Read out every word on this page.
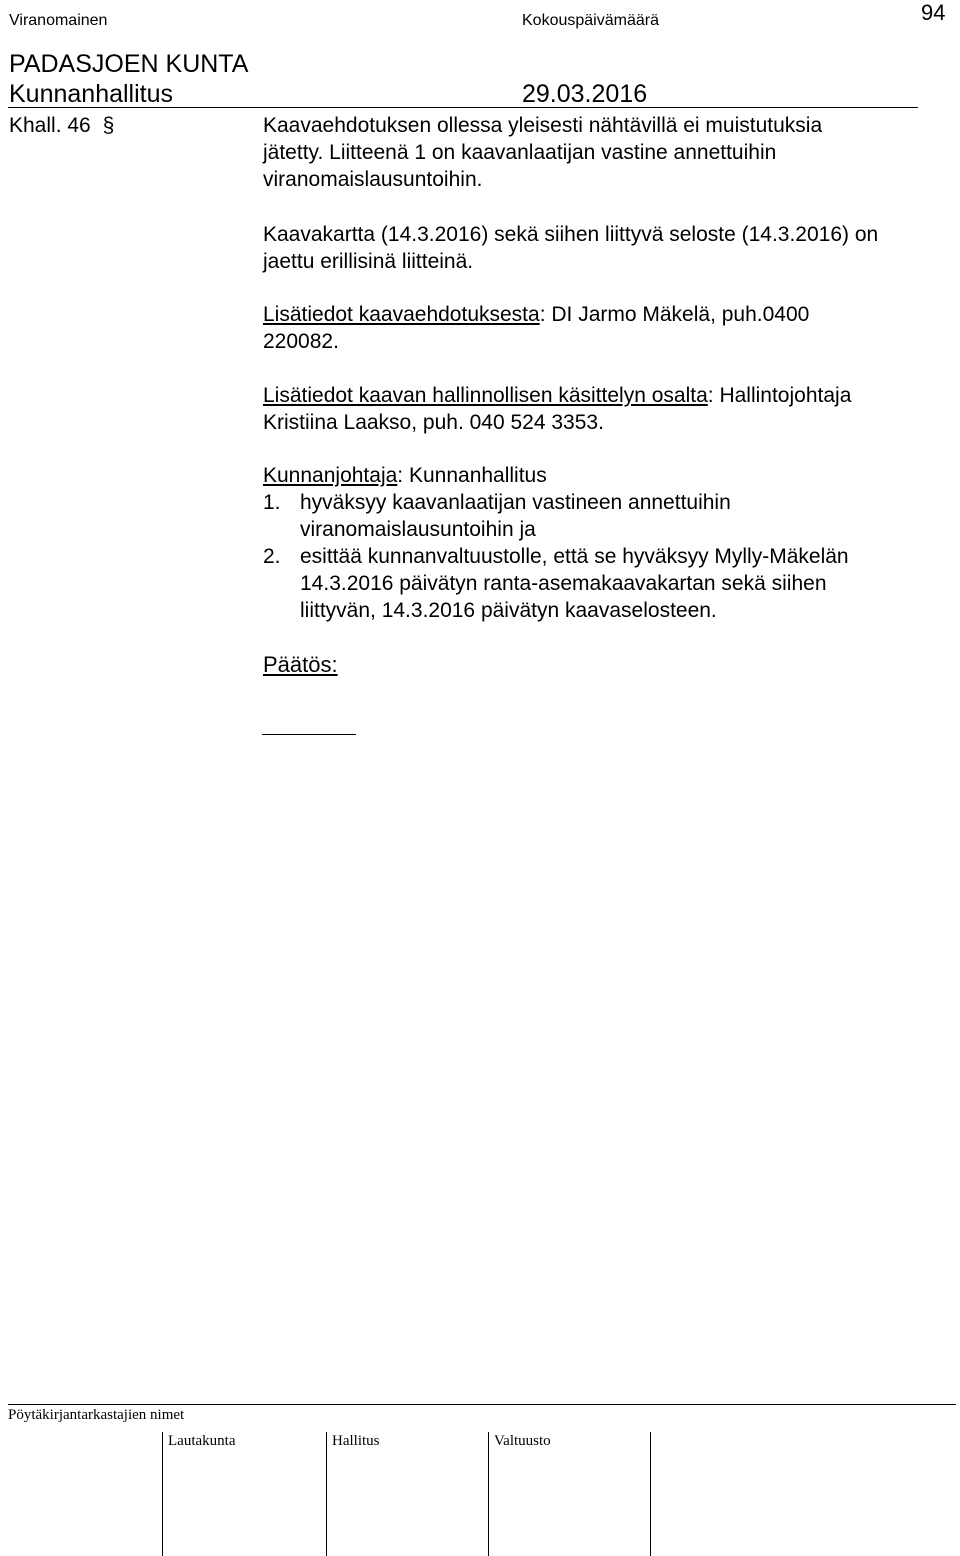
Viranomainen	Kokouspäivämäärä	94
PADASJOEN KUNTA
Kunnanhallitus	29.03.2016
Khall. 46 §	Kaavaehdotuksen ollessa yleisesti nähtävillä ei muistutuksia
jätetty. Liitteenä 1 on kaavanlaatijan vastine annettuihin
viranomaislausuntoihin.
Kaavakartta (14.3.2016) sekä siihen liittyvä seloste (14.3.2016) on
jaettu erillisinä liitteinä.
Lisätiedot kaavaehdotuksesta: DI Jarmo Mäkelä, puh.0400
220082.
Lisätiedot kaavan hallinnollisen käsittelyn osalta: Hallintojohtaja
Kristiina Laakso, puh. 040 524 3353.
Kunnanjohtaja: Kunnanhallitus
1. hyväksyy kaavanlaatijan vastineen annettuihin
viranomaislausuntoihin ja
2. esittää kunnanvaltuustolle, että se hyväksyy Mylly-Mäkelän
14.3.2016 päivätyn ranta-asemakaavakartan sekä siihen
liittyvän, 14.3.2016 päivätyn kaavaselosteen.
Päätös:
Pöytäkirjantarkastajien nimet
Lautakunta	Hallitus	Valtuusto
